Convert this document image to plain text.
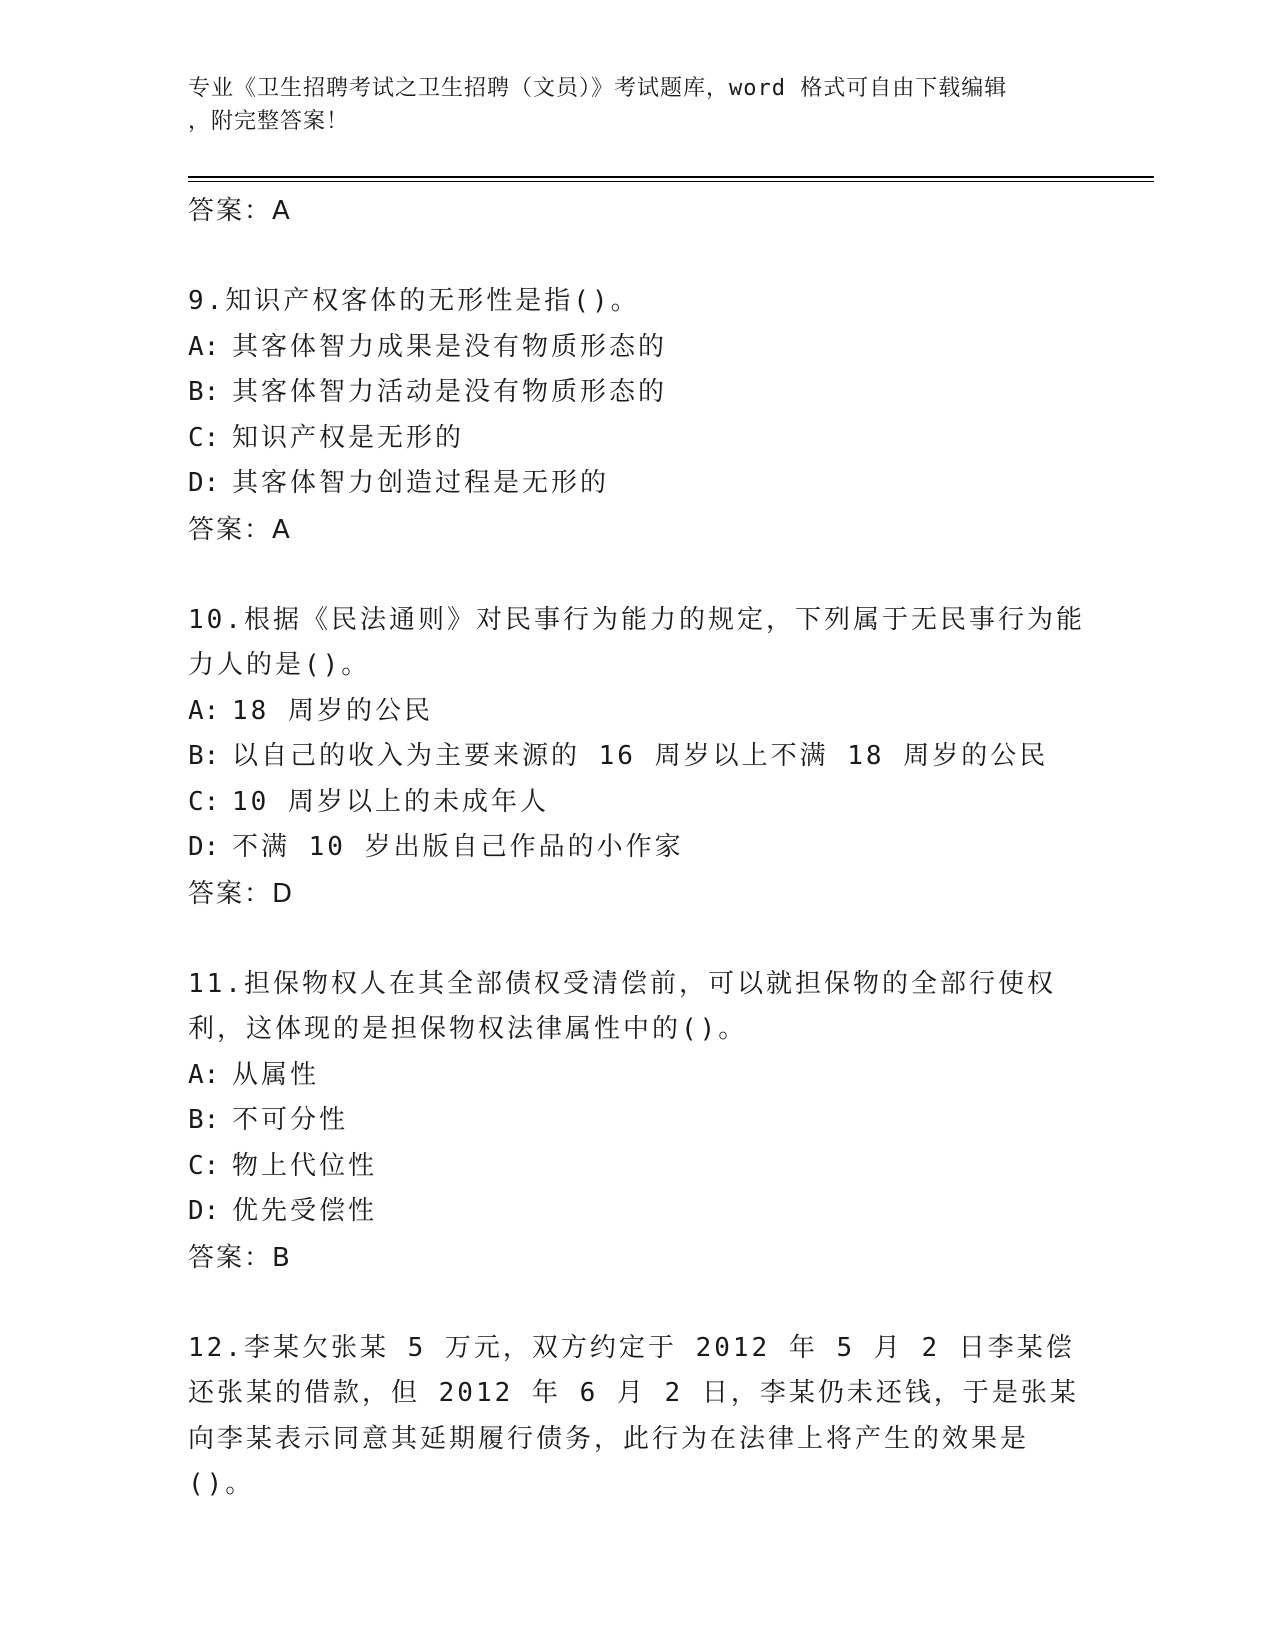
专业《卫生招聘考试之卫生招聘（文员）》考试题库，word 格式可自由下载编辑
，附完整答案！
答案：A
9.知识产权客体的无形性是指()。
A: 其客体智力成果是没有物质形态的
B: 其客体智力活动是没有物质形态的
C: 知识产权是无形的
D: 其客体智力创造过程是无形的
答案：A
10.根据《民法通则》对民事行为能力的规定，下列属于无民事行为能力人的是()。
A: 18 周岁的公民
B: 以自己的收入为主要来源的 16 周岁以上不满 18 周岁的公民
C: 10 周岁以上的未成年人
D: 不满 10 岁出版自己作品的小作家
答案：D
11.担保物权人在其全部债权受清偿前，可以就担保物的全部行使权利，这体现的是担保物权法律属性中的()。
A: 从属性
B: 不可分性
C: 物上代位性
D: 优先受偿性
答案：B
12.李某欠张某 5 万元，双方约定于 2012 年 5 月 2 日李某偿还张某的借款，但 2012 年 6 月 2 日，李某仍未还钱，于是张某向李某表示同意其延期履行债务，此行为在法律上将产生的效果是()。
